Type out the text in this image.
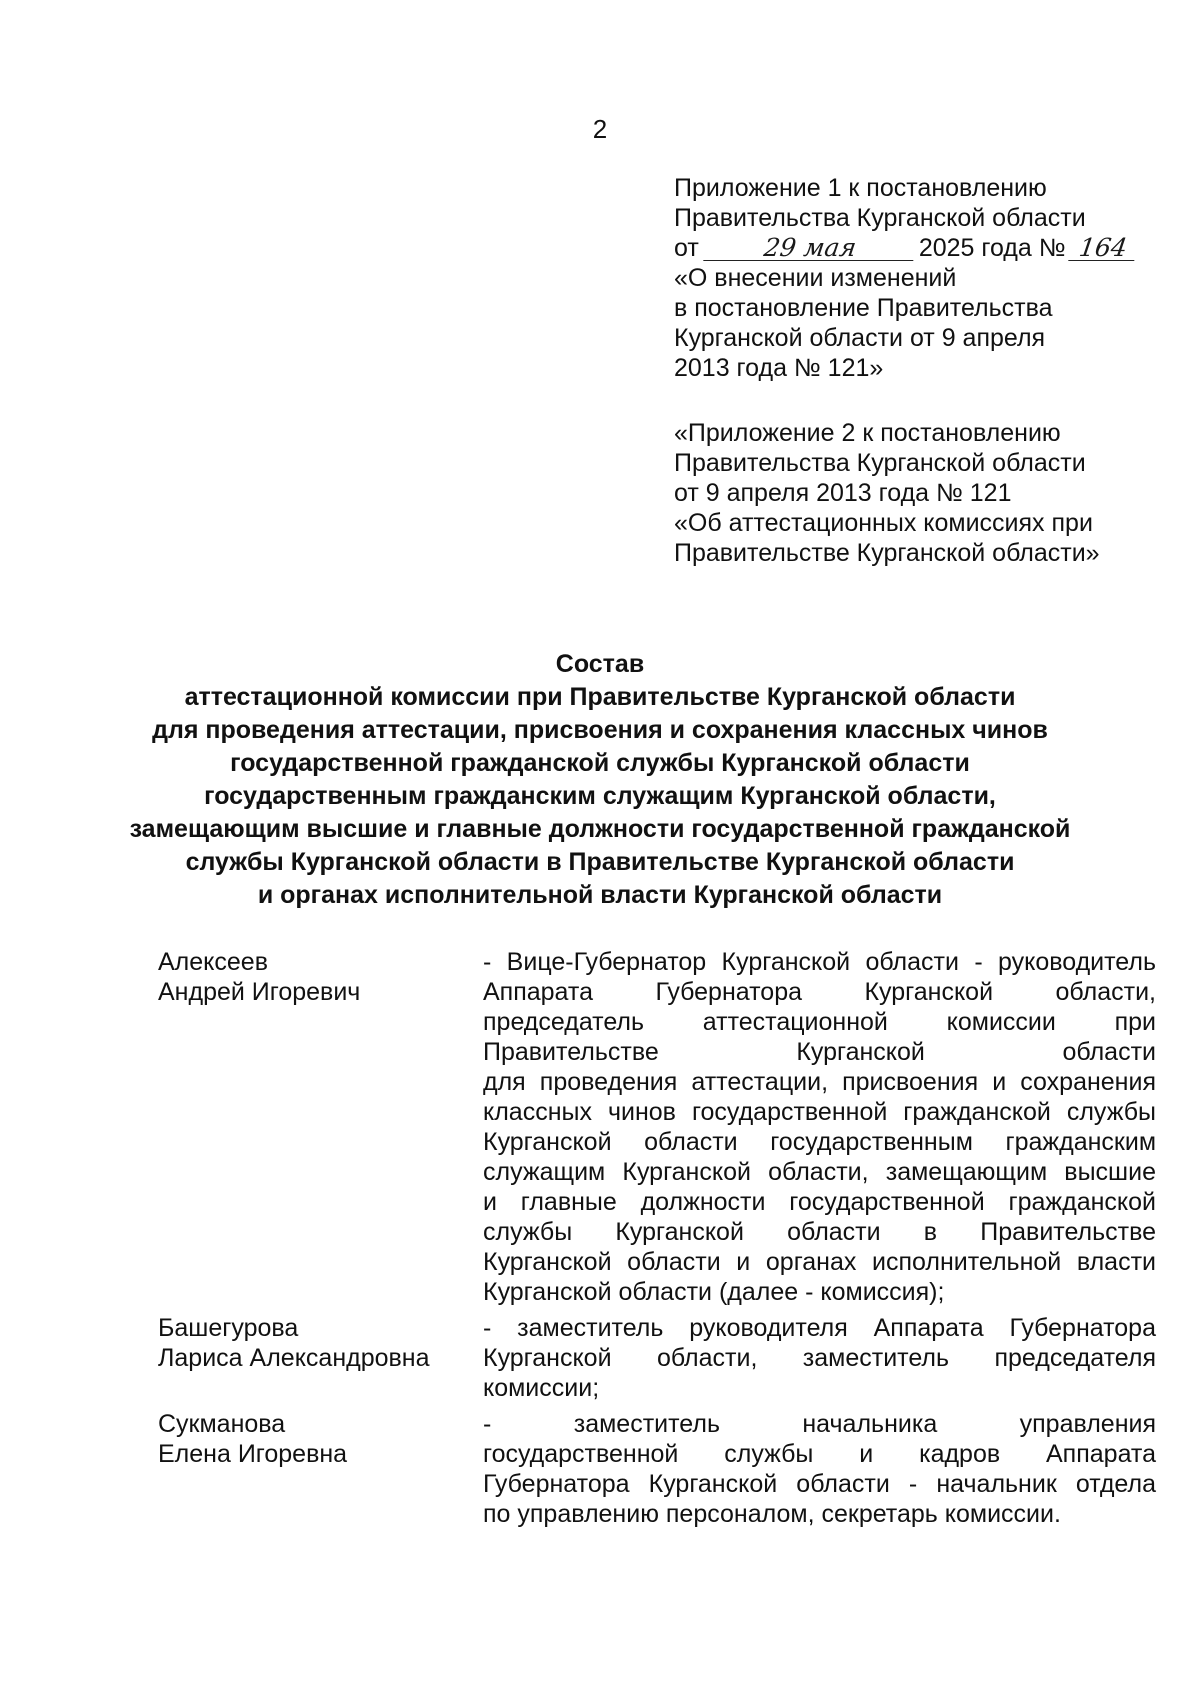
2
Приложение 1 к постановлению
Правительства Курганской области
от	29 мая 2025 года № 164
«О внесении изменений
в постановление Правительства
Курганской области от 9 апреля
2013 года № 121»
«Приложение 2 к постановлению
Правительства Курганской области
от 9 апреля 2013 года № 121
«Об аттестационных комиссиях при
Правительстве Курганской области»
Состав
аттестационной комиссии при Правительстве Курганской области
для проведения аттестации, присвоения и сохранения классных чинов
государственной гражданской службы Курганской области
государственным гражданским служащим Курганской области,
замещающим высшие и главные должности государственной гражданской
службы Курганской области в Правительстве Курганской области
и органах исполнительной власти Курганской области
Алексеев
Андрей Игоревич
- Вице-Губернатор Курганской области - руководитель
Аппарата Губернатора Курганской области,
председатель аттестационной комиссии при
Правительстве Курганской области
для проведения аттестации, присвоения и сохранения
классных чинов государственной гражданской службы
Курганской области государственным гражданским
служащим Курганской области, замещающим высшие
и главные должности государственной гражданской
службы Курганской области в Правительстве
Курганской области и органах исполнительной власти
Курганской области (далее - комиссия);
Башегурова
Лариса Александровна
- заместитель руководителя Аппарата Губернатора
Курганской области, заместитель председателя
комиссии;
Сукманова
Елена Игоревна
- заместитель начальника управления
государственной службы и кадров Аппарата
Губернатора Курганской области - начальник отдела
по управлению персоналом, секретарь комиссии.
